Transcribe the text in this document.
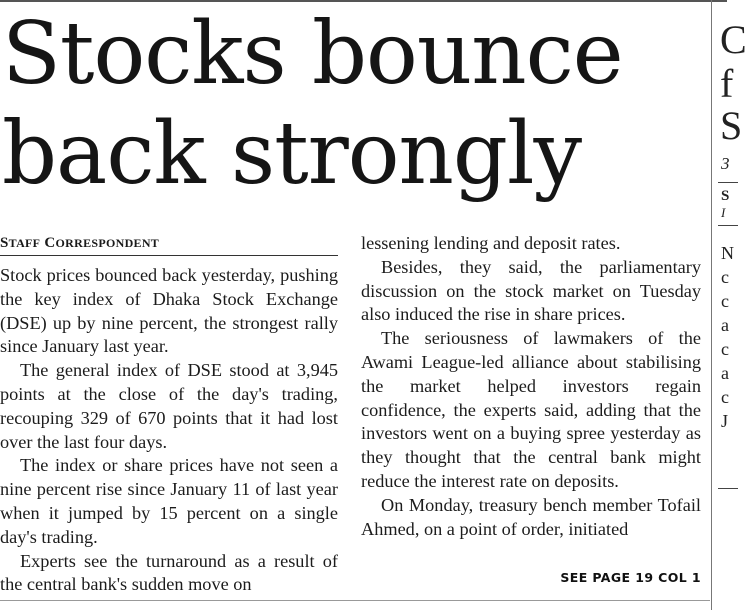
Stocks bounce
back strongly
STAFF CORRESPONDENT

Stock prices bounced back yesterday, pushing the key index of Dhaka Stock Exchange (DSE) up by nine percent, the strongest rally since January last year.

The general index of DSE stood at 3,945 points at the close of the day's trading, recouping 329 of 670 points that it had lost over the last four days.

The index or share prices have not seen a nine percent rise since January 11 of last year when it jumped by 15 percent on a single day's trading.

Experts see the turnaround as a result of the central bank's sudden move on

lessening lending and deposit rates.

Besides, they said, the parliamentary discussion on the stock market on Tuesday also induced the rise in share prices.

The seriousness of lawmakers of the Awami League-led alliance about stabilising the market helped investors regain confidence, the experts said, adding that the investors went on a buying spree yesterday as they thought that the central bank might reduce the interest rate on deposits.

On Monday, treasury bench member Tofail Ahmed, on a point of order, initiated

SEE PAGE 19 COL 1
C
f
S
3
S
I
N
c
c
a
c
a
c
J
